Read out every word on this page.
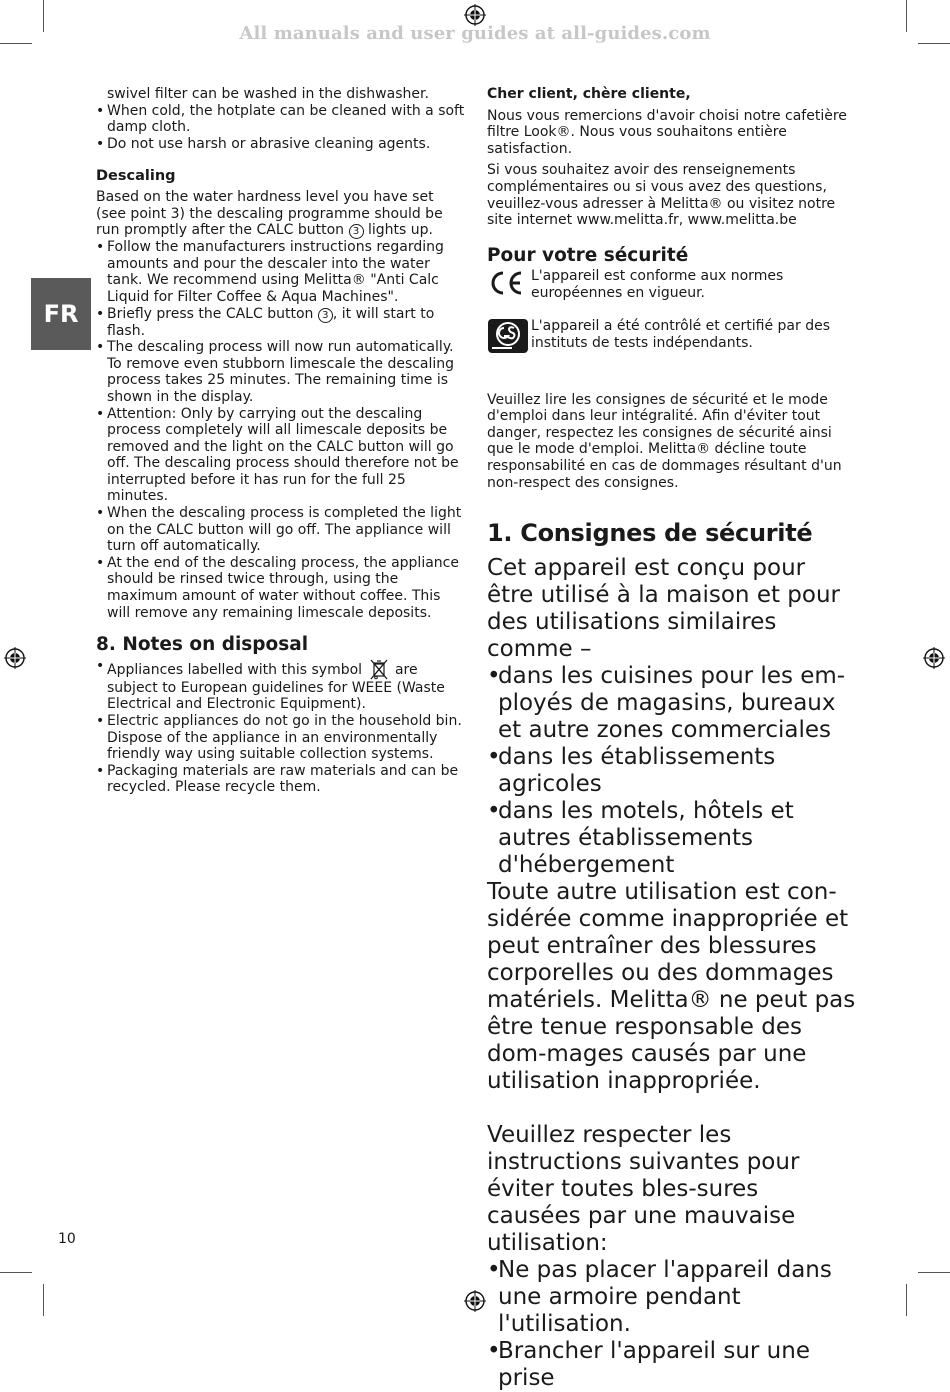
All manuals and user guides at all-guides.com
FR

swivel filter can be washed in the dishwasher.

• When cold, the hotplate can be cleaned with a soft damp cloth.

• Do not use harsh or abrasive cleaning agents.

Descaling

Based on the water hardness level you have set (see point 3) the descaling programme should be run promptly after the CALC button 3 lights up.

• Follow the manufacturers instructions regarding amounts and pour the descaler into the water tank. We recommend using Melitta® "Anti Calc Liquid for Filter Coffee & Aqua Machines".

• Briefly press the CALC button 3 , it will start to flash.

• The descaling process will now run automatically. To remove even stubborn limescale the descaling process takes 25 minutes. The remaining time is shown in the display.

• Attention: Only by carrying out the descaling process completely will all limescale deposits be removed and the light on the CALC button will go off. The descaling process should therefore not be interrupted before it has run for the full 25 minutes.

• When the descaling process is completed the light on the CALC button will go off. The appliance will turn off automatically.

• At the end of the descaling process, the appliance should be rinsed twice through, using the maximum amount of water without coffee. This will remove any remaining limescale deposits.

8. Notes on disposal

• Appliances labelled with this symbol are subject to European guidelines for WEEE (Waste Electrical and Electronic Equipment).

• Electric appliances do not go in the household bin. Dispose of the appliance in an environmentally friendly way using suitable collection systems.

• Packaging materials are raw materials and can be recycled. Please recycle them.

Cher client, chère cliente,

Nous vous remercions d'avoir choisi notre cafetière filtre Look®. Nous vous souhaitons entière satisfaction.

Si vous souhaitez avoir des renseignements complémentaires ou si vous avez des questions, veuillez-vous adresser à Melitta® ou visitez notre site internet www.melitta.fr, www.melitta.be

Pour votre sécurité

L'appareil est conforme aux normes européennes en vigueur.

L'appareil a été contrôlé et certifié par des instituts de tests indépendants.

Veuillez lire les consignes de sécurité et le mode d'emploi dans leur intégralité. Afin d'éviter tout danger, respectez les consignes de sécurité ainsi que le mode d'emploi. Melitta® décline toute responsabilité en cas de dommages résultant d'un non-respect des consignes.

1. Consignes de sécurité

Cet appareil est conçu pour être utilisé à la maison et pour des utilisations similaires comme –

• dans les cuisines pour les em-ployés de magasins, bureaux et autre zones commerciales

• dans les établissements agricoles

• dans les motels, hôtels et autres établissements d'hébergement

Toute autre utilisation est con-sidérée comme inappropriée et peut entraîner des blessures corporelles ou des dommages matériels. Melitta® ne peut pas être tenue responsable des dom-mages causés par une utilisation inappropriée.

Veuillez respecter les instructions suivantes pour éviter toutes bles-sures causées par une mauvaise utilisation:

• Ne pas placer l'appareil dans une armoire pendant l'utilisation.

• Brancher l'appareil sur une prise

10
